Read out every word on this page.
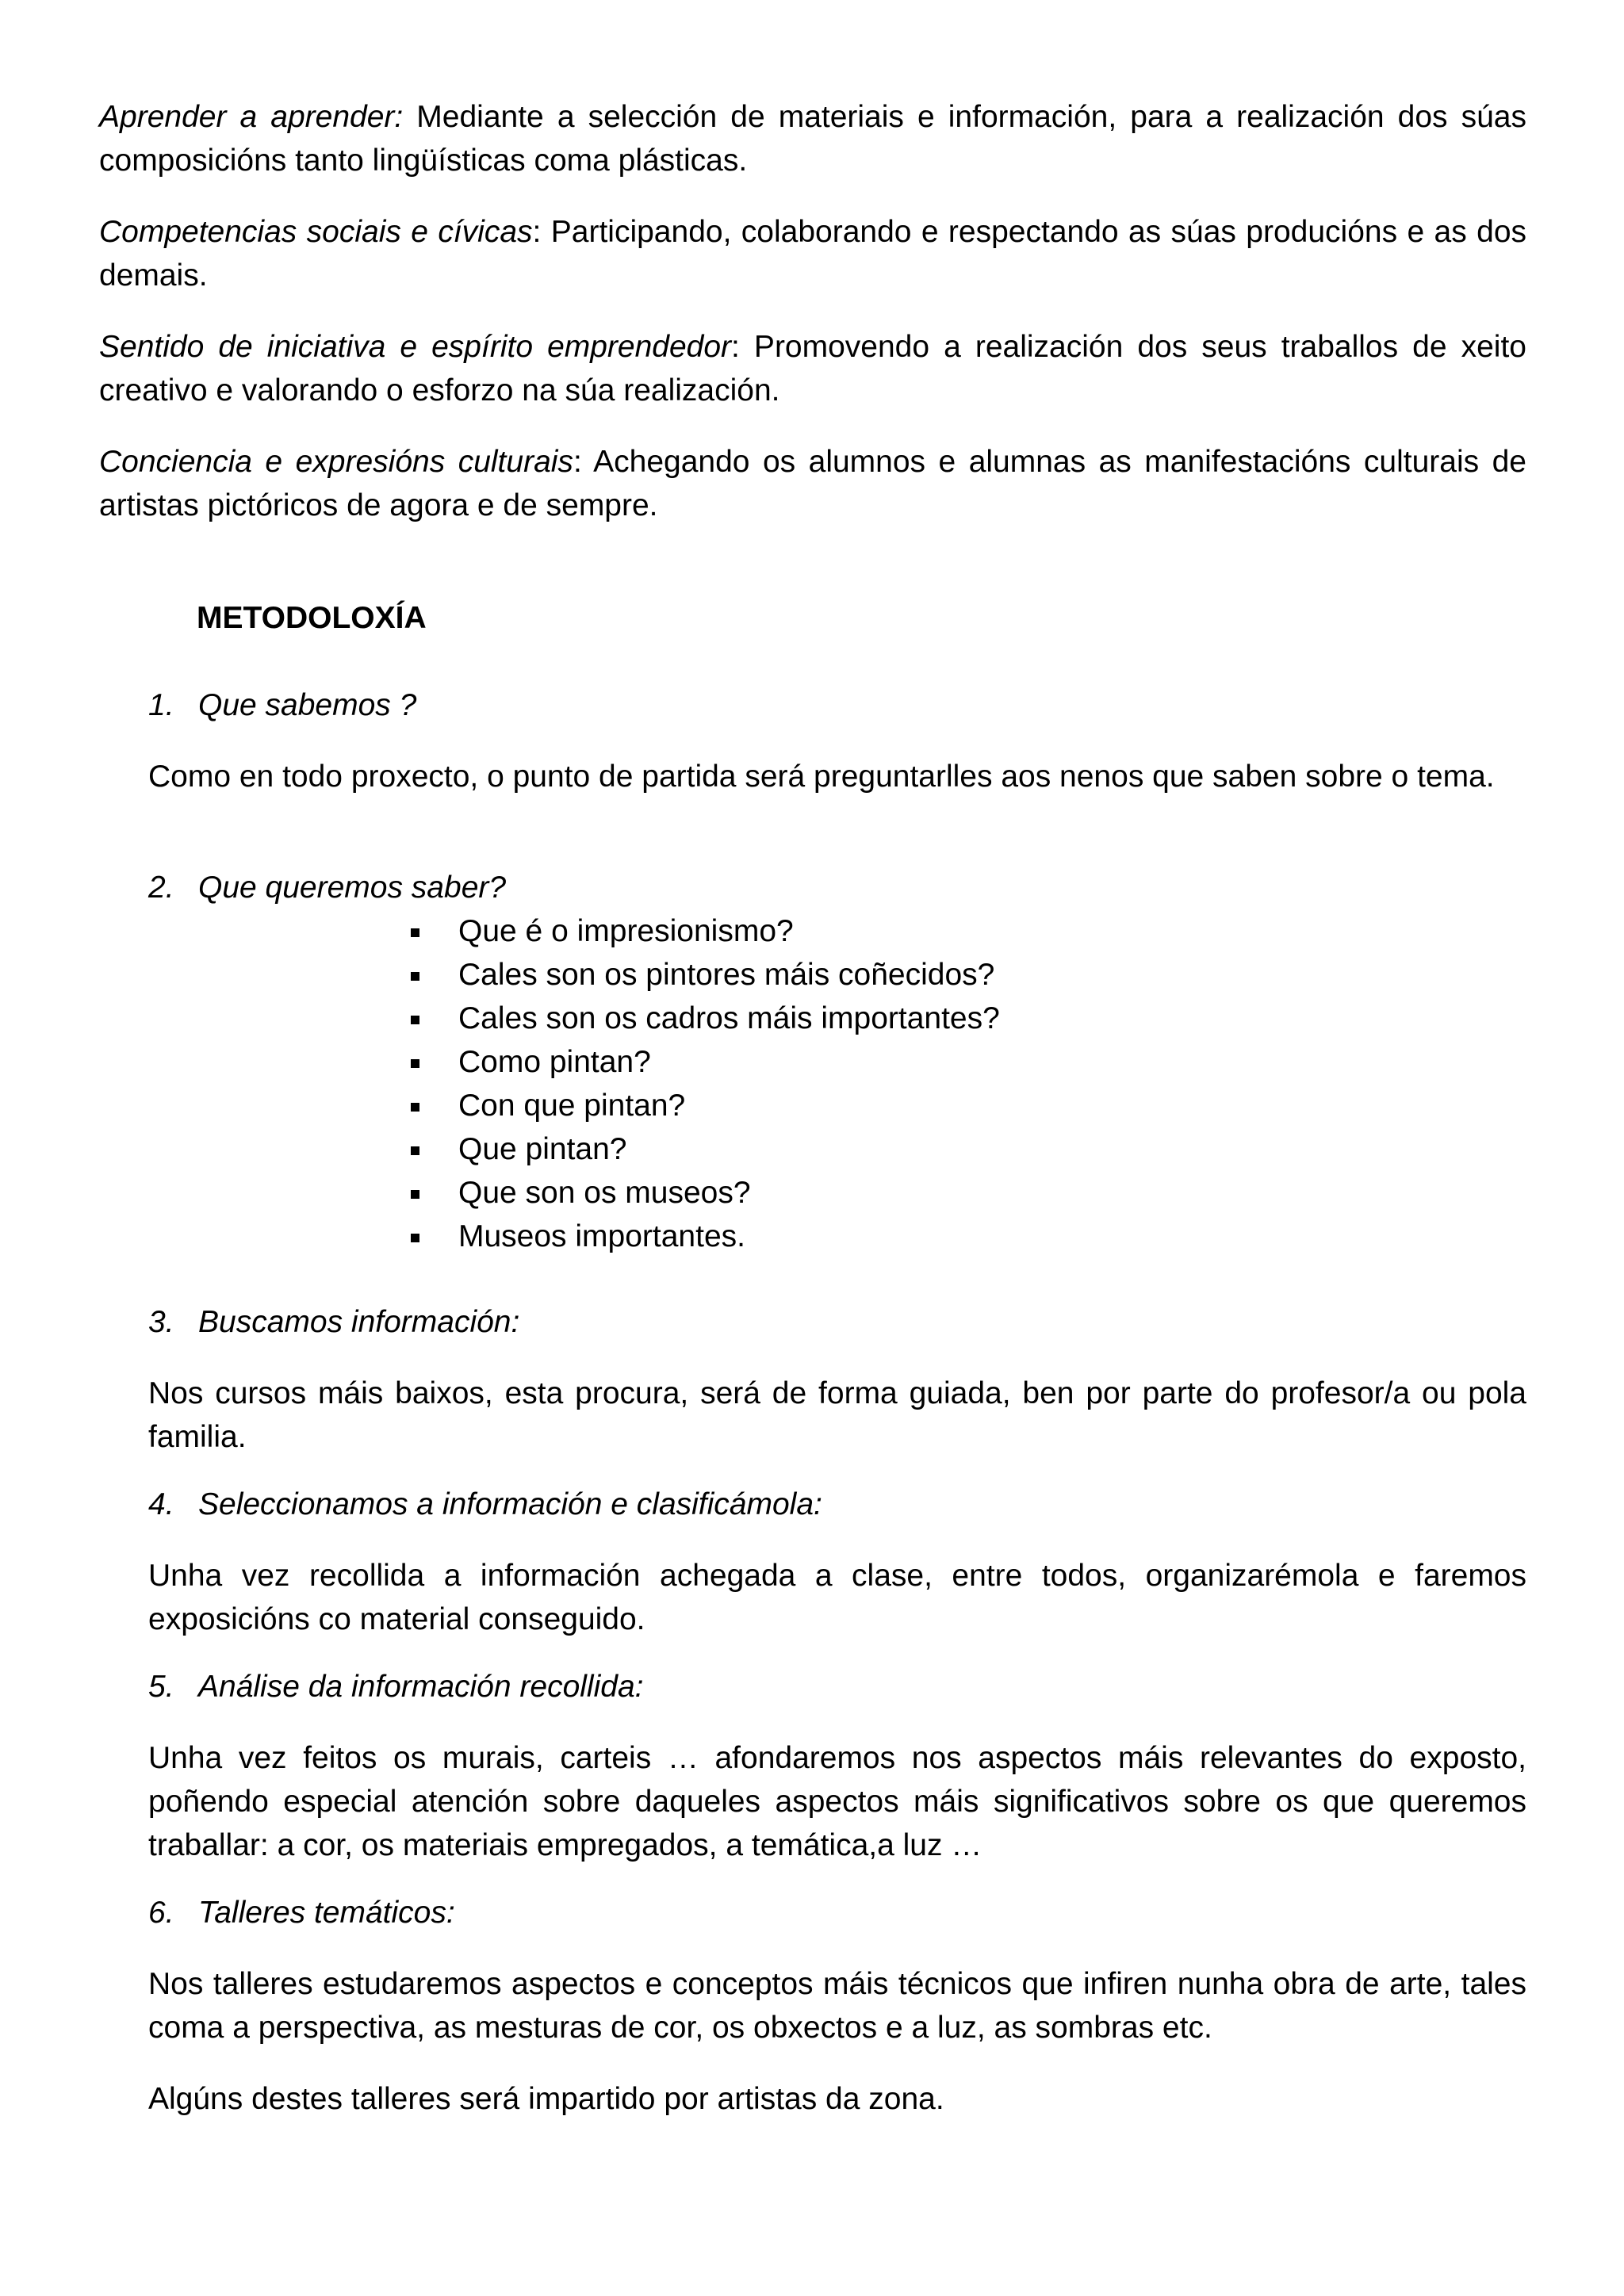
Aprender a aprender: Mediante a selección de materiais e información, para a realización dos súas composicións tanto lingüísticas coma plásticas.

Competencias sociais e cívicas: Participando, colaborando e respectando as súas producións e as dos demais.

Sentido de iniciativa e espírito emprendedor: Promovendo a realización dos seus traballos de xeito creativo e valorando o esforzo na súa realización.

Conciencia e expresións culturais: Achegando os alumnos e alumnas as manifestacións culturais de artistas pictóricos de agora e de sempre.

METODOLOXÍA

1. Que sabemos ?

Como en todo proxecto, o punto de partida será preguntarlles aos nenos que saben sobre o tema.

2. Que queremos saber?

Que é o impresionismo?
Cales son os pintores máis coñecidos?
Cales son os cadros máis importantes?
Como pintan?
Con que pintan?
Que pintan?
Que son os museos?
Museos importantes.

3. Buscamos información:

Nos cursos máis baixos, esta procura, será de forma guiada, ben por parte do profesor/a ou pola familia.

4. Seleccionamos a información e clasificámola:

Unha vez recollida a información achegada a clase, entre todos, organizarémola e faremos exposicións co material conseguido.

5. Análise da información recollida:

Unha vez feitos os murais, carteis … afondaremos nos aspectos máis relevantes do exposto, poñendo especial atención sobre daqueles aspectos máis significativos sobre os que queremos traballar: a cor, os materiais empregados, a temática,a luz …

6. Talleres temáticos:

Nos talleres estudaremos aspectos e conceptos máis técnicos que infiren nunha obra de arte, tales coma a perspectiva, as mesturas de cor, os obxectos e a luz, as sombras etc.

Algúns destes talleres será impartido por artistas da zona.
